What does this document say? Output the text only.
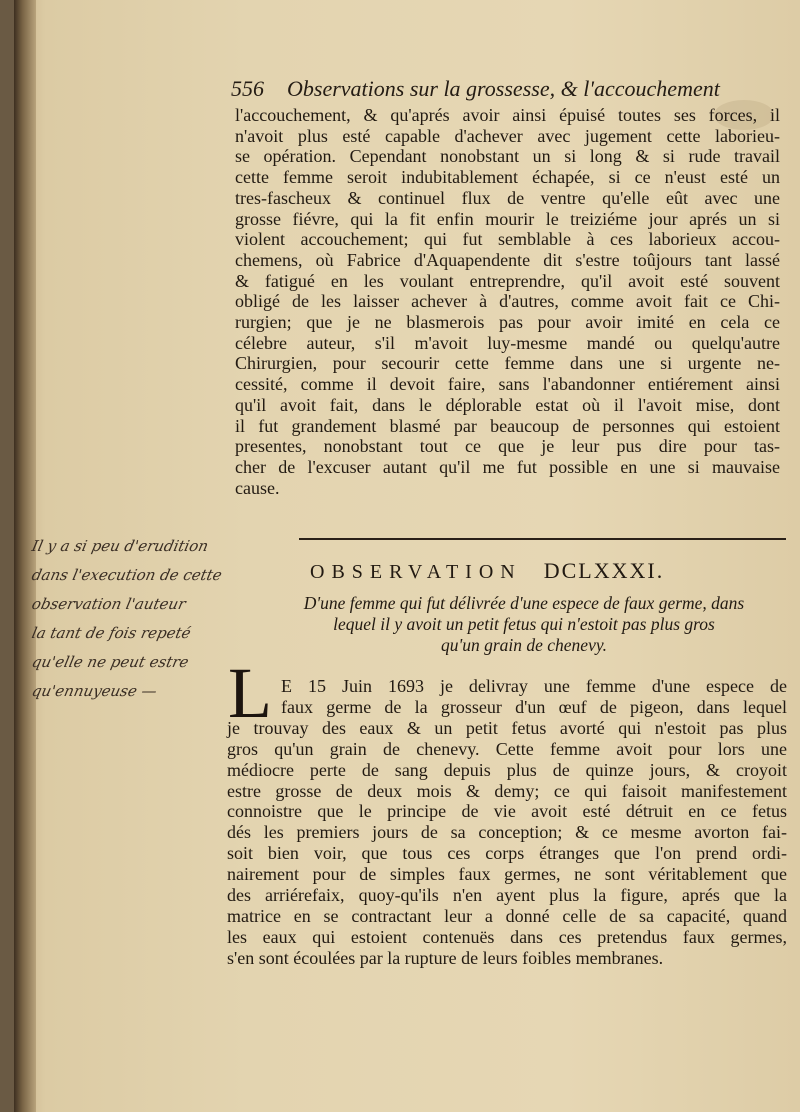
556 Observations sur la grossesse, & l'accouchement
l'accouchement, & qu'aprés avoir ainsi épuisé toutes ses forces, il
n'avoit plus esté capable d'achever avec jugement cette laborieu-
se opération. Cependant nonobstant un si long & si rude travail
cette femme seroit indubitablement échapée, si ce n'eust esté un
tres-fascheux & continuel flux de ventre qu'elle eût avec une
grosse fiévre, qui la fit enfin mourir le treiziéme jour aprés un si
violent accouchement; qui fut semblable à ces laborieux accou-
chemens, où Fabrice d'Aquapendente dit s'estre toûjours tant lassé
& fatigué en les voulant entreprendre, qu'il avoit esté souvent
obligé de les laisser achever à d'autres, comme avoit fait ce Chi-
rurgien; que je ne blasmerois pas pour avoir imité en cela ce
célebre auteur, s'il m'avoit luy-mesme mandé ou quelqu'autre
Chirurgien, pour secourir cette femme dans une si urgente ne-
cessité, comme il devoit faire, sans l'abandonner entiérement ainsi
qu'il avoit fait, dans le déplorable estat où il l'avoit mise, dont
il fut grandement blasmé par beaucoup de personnes qui estoient
presentes, nonobstant tout ce que je leur pus dire pour tas-
cher de l'excuser autant qu'il me fut possible en une si mauvaise
cause.
OBSERVATION DCLXXXI.
D'une femme qui fut délivrée d'une espece de faux germe, dans
lequel il y avoit un petit fetus qui n'estoit pas plus gros
qu'un grain de chenevy.
L E 15 Juin 1693 je delivray une femme d'une espece de
faux germe de la grosseur d'un œuf de pigeon, dans lequel
je trouvay des eaux & un petit fetus avorté qui n'estoit pas plus
gros qu'un grain de chenevy. Cette femme avoit pour lors une
médiocre perte de sang depuis plus de quinze jours, & croyoit
estre grosse de deux mois & demy; ce qui faisoit manifestement
connoistre que le principe de vie avoit esté détruit en ce fetus
dés les premiers jours de sa conception; & ce mesme avorton fai-
soit bien voir, que tous ces corps étranges que l'on prend ordi-
nairement pour de simples faux germes, ne sont véritablement que
des arriérefaix, quoy-qu'ils n'en ayent plus la figure, aprés que la
matrice en se contractant leur a donné celle de sa capacité, quand
les eaux qui estoient contenuës dans ces pretendus faux germes,
s'en sont écoulées par la rupture de leurs foibles membranes.
Il y a si peu d'erudition
dans l'execution de cette
observation l'auteur
la tant de fois repeté
qu'elle ne peut estre
qu'ennuyeuse —
